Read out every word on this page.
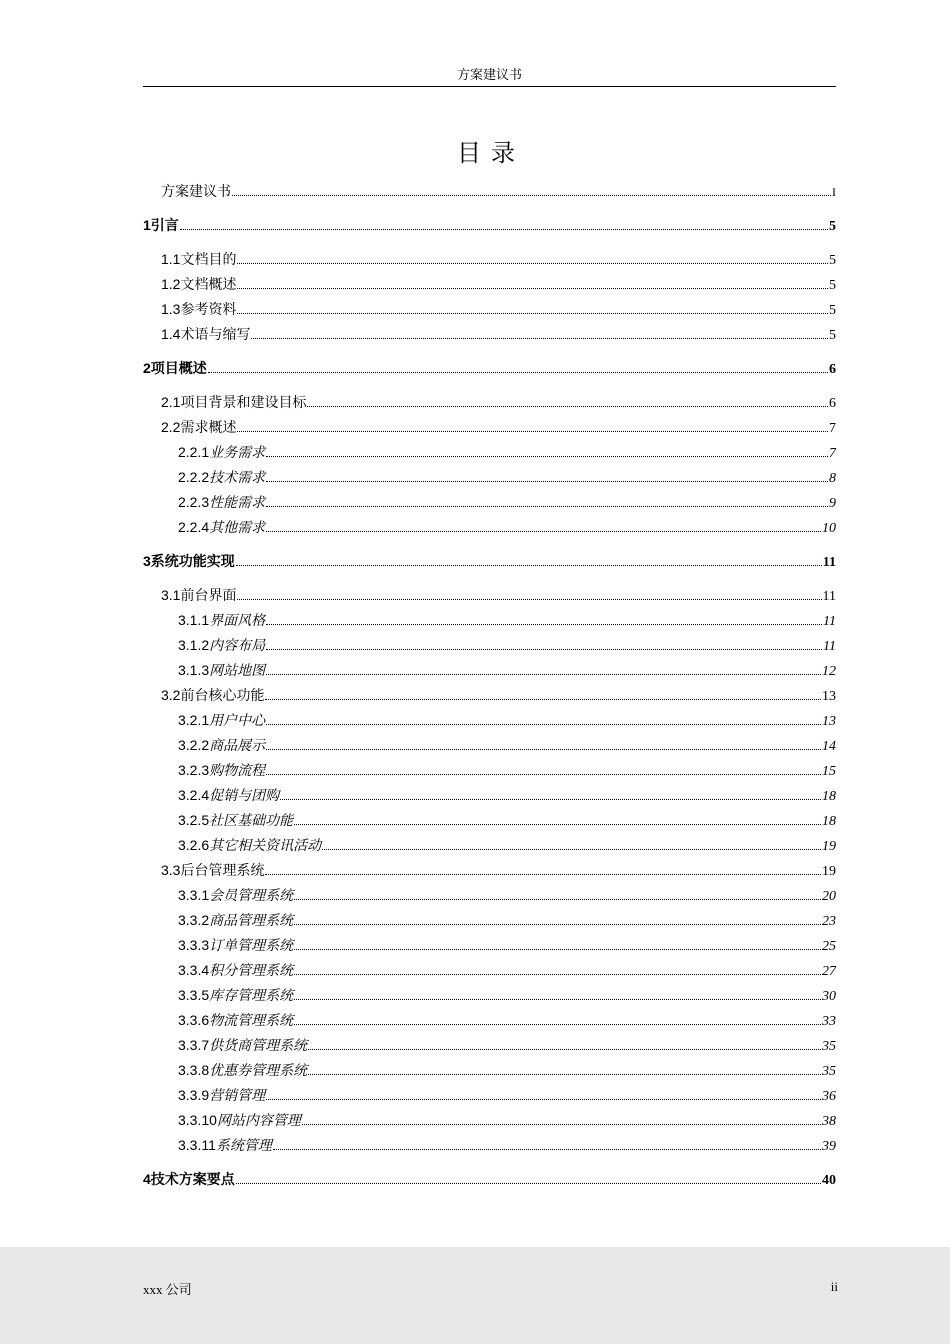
方案建议书
目录
方案建议书	I
1 引言	5
1.1 文档目的	5
1.2 文档概述	5
1.3 参考资料	5
1.4 术语与缩写	5
2 项目概述	6
2.1 项目背景和建设目标	6
2.2 需求概述	7
2.2.1 业务需求	7
2.2.2 技术需求	8
2.2.3 性能需求	9
2.2.4 其他需求	10
3 系统功能实现	11
3.1 前台界面	11
3.1.1 界面风格	11
3.1.2 内容布局	11
3.1.3 网站地图	12
3.2 前台核心功能	13
3.2.1 用户中心	13
3.2.2 商品展示	14
3.2.3 购物流程	15
3.2.4 促销与团购	18
3.2.5 社区基础功能	18
3.2.6 其它相关资讯活动	19
3.3 后台管理系统	19
3.3.1 会员管理系统	20
3.3.2 商品管理系统	23
3.3.3 订单管理系统	25
3.3.4 积分管理系统	27
3.3.5 库存管理系统	30
3.3.6 物流管理系统	33
3.3.7 供货商管理系统	35
3.3.8 优惠券管理系统	35
3.3.9 营销管理	36
3.3.10 网站内容管理	38
3.3.11 系统管理	39
4 技术方案要点	40
xxx 公司	ii
